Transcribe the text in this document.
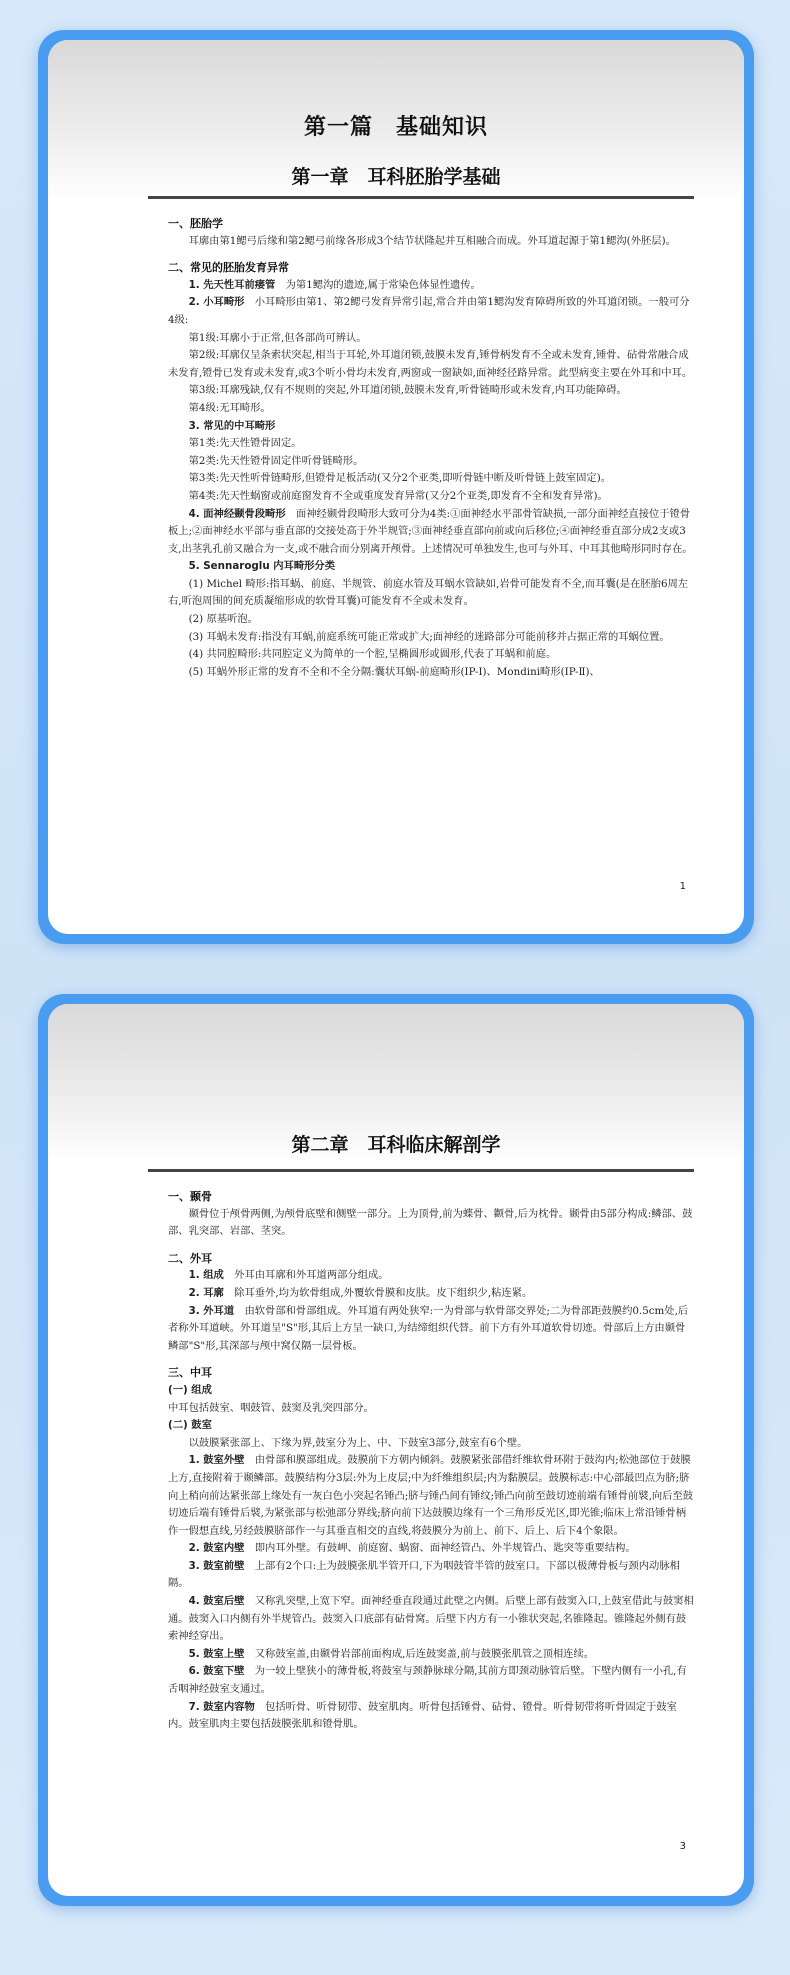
第一篇　基础知识
第一章　耳科胚胎学基础

一、胚胎学

耳廓由第1鳃弓后缘和第2鳃弓前缘各形成3个结节状隆起并互相融合而成。外耳道起源于第1鳃沟(外胚层)。

二、常见的胚胎发育异常

1. 先天性耳前瘘管　 为第1鳃沟的遗迹,属于常染色体显性遗传。

2. 小耳畸形　 小耳畸形由第1、第2鳃弓发育异常引起,常合并由第1鳃沟发育障碍所致的外耳道闭锁。一般可分4级:

第1级:耳廓小于正常,但各部尚可辨认。

第2级:耳廓仅呈条索状突起,相当于耳轮,外耳道闭锁,鼓膜未发育,锤骨柄发育不全或未发育,锤骨、砧骨常融合成未发育,镫骨已发育或未发育,或3个听小骨均未发育,两窗或一窗缺如,面神经径路异常。此型病变主要在外耳和中耳。

第3级:耳廓残缺,仅有不规则的突起,外耳道闭锁,鼓膜未发育,听骨链畸形或未发育,内耳功能障碍。

第4级:无耳畸形。

3. 常见的中耳畸形

第1类:先天性镫骨固定。

第2类:先天性镫骨固定伴听骨链畸形。

第3类:先天性听骨链畸形,但镫骨足板活动(又分2个亚类,即听骨链中断及听骨链上鼓室固定)。

第4类:先天性蜗窗或前庭窗发育不全或重度发育异常(又分2个亚类,即发育不全和发育异常)。

4. 面神经颞骨段畸形　 面神经颞骨段畸形大致可分为4类:①面神经水平部骨管缺损,一部分面神经直接位于镫骨板上;②面神经水平部与垂直部的交接处高于外半规管;③面神经垂直部向前或向后移位;④面神经垂直部分成2支或3支,出茎乳孔前又融合为一支,或不融合而分别离开颅骨。上述情况可单独发生,也可与外耳、中耳其他畸形同时存在。

5. Sennaroglu 内耳畸形分类

(1) Michel 畸形:指耳蜗、前庭、半规管、前庭水管及耳蜗水管缺如,岩骨可能发育不全,而耳囊(是在胚胎6周左右,听泡周围的间充质凝缩形成的软骨耳囊)可能发育不全或未发育。

(2) 原基听泡。

(3) 耳蜗未发育:指没有耳蜗,前庭系统可能正常或扩大;面神经的迷路部分可能前移并占据正常的耳蜗位置。

(4) 共同腔畸形:共同腔定义为简单的一个腔,呈椭圆形或圆形,代表了耳蜗和前庭。

(5) 耳蜗外形正常的发育不全和不全分隔:囊状耳蜗-前庭畸形(IP-Ⅰ)、Mondini畸形(IP-Ⅱ)、

1
第二章　耳科临床解剖学

一、颞骨

颞骨位于颅骨两侧,为颅骨底壁和侧壁一部分。上为顶骨,前为蝶骨、颧骨,后为枕骨。颞骨由5部分构成:鳞部、鼓部、乳突部、岩部、茎突。

二、外耳

1. 组成　 外耳由耳廓和外耳道两部分组成。

2. 耳廓　 除耳垂外,均为软骨组成,外覆软骨膜和皮肤。皮下组织少,粘连紧。

3. 外耳道　 由软骨部和骨部组成。外耳道有两处狭窄:一为骨部与软骨部交界处;二为骨部距鼓膜约0.5cm处,后者称外耳道峡。外耳道呈"S"形,其后上方呈一缺口,为结缔组织代替。前下方有外耳道软骨切迹。骨部后上方由颞骨鳞部"S"形,其深部与颅中窝仅隔一层骨板。

三、中耳

(一) 组成

中耳包括鼓室、咽鼓管、鼓窦及乳突四部分。

(二) 鼓室

以鼓膜紧张部上、下缘为界,鼓室分为上、中、下鼓室3部分,鼓室有6个壁。

1. 鼓室外壁　 由骨部和膜部组成。鼓膜前下方朝内倾斜。鼓膜紧张部借纤维软骨环附于鼓沟内;松弛部位于鼓膜上方,直接附着于颞鳞部。鼓膜结构分3层:外为上皮层;中为纤维组织层;内为黏膜层。鼓膜标志:中心部最凹点为脐;脐向上稍向前达紧张部上缘处有一灰白色小突起名锤凸;脐与锤凸间有锤纹;锤凸向前至鼓切迹前端有锤骨前襞,向后至鼓切迹后端有锤骨后襞,为紧张部与松弛部分界线;脐向前下达鼓膜边缘有一个三角形反光区,即光锥;临床上常沿锤骨柄作一假想直线,另经鼓膜脐部作一与其垂直相交的直线,将鼓膜分为前上、前下、后上、后下4个象限。

2. 鼓室内壁　 即内耳外壁。有鼓岬、前庭窗、蜗窗、面神经管凸、外半规管凸、匙突等重要结构。

3. 鼓室前壁　 上部有2个口:上为鼓膜张肌半管开口,下为咽鼓管半管的鼓室口。下部以极薄骨板与颈内动脉相隔。

4. 鼓室后壁　 又称乳突壁,上宽下窄。面神经垂直段通过此壁之内侧。后壁上部有鼓窦入口,上鼓室借此与鼓窦相通。鼓窦入口内侧有外半规管凸。鼓窦入口底部有砧骨窝。后壁下内方有一小锥状突起,名锥隆起。锥隆起外侧有鼓索神经穿出。

5. 鼓室上壁　 又称鼓室盖,由颞骨岩部前面构成,后连鼓窦盖,前与鼓膜张肌管之顶相连续。

6. 鼓室下壁　 为一较上壁狭小的薄骨板,将鼓室与颈静脉球分隔,其前方即颈动脉管后壁。下壁内侧有一小孔,有舌咽神经鼓室支通过。

7. 鼓室内容物　 包括听骨、听骨韧带、鼓室肌肉。听骨包括锤骨、砧骨、镫骨。听骨韧带将听骨固定于鼓室内。鼓室肌肉主要包括鼓膜张肌和镫骨肌。

3
